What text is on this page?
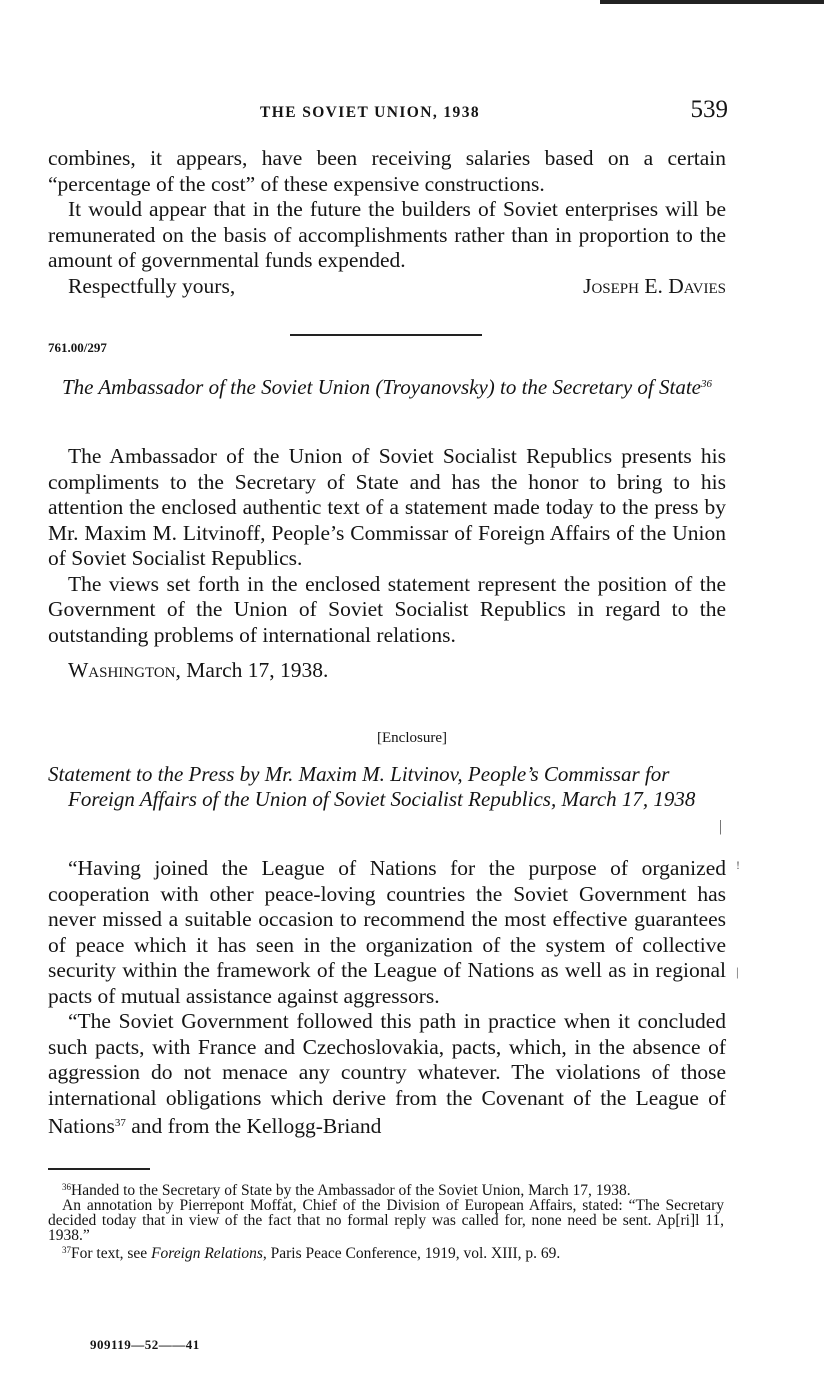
THE SOVIET UNION, 1938	539

combines, it appears, have been receiving salaries based on a certain “percentage of the cost” of these expensive constructions.

It would appear that in the future the builders of Soviet enterprises will be remunerated on the basis of accomplishments rather than in proportion to the amount of governmental funds expended.

Respectfully yours,	Joseph E. Davies
761.00/297
The Ambassador of the Soviet Union (Troyanovsky) to the Secretary of State$^{36}$

The Ambassador of the Union of Soviet Socialist Republics presents his compliments to the Secretary of State and has the honor to bring to his attention the enclosed authentic text of a statement made today to the press by Mr. Maxim M. Litvinoff, People’s Commissar of Foreign Affairs of the Union of Soviet Socialist Republics.

The views set forth in the enclosed statement represent the position of the Government of the Union of Soviet Socialist Republics in regard to the outstanding problems of international relations.

Washington, March 17, 1938.

[Enclosure]

Statement to the Press by Mr. Maxim M. Litvinov, People’s Commissar for Foreign Affairs of the Union of Soviet Socialist Republics, March 17, 1938

“Having joined the League of Nations for the purpose of organized cooperation with other peace-loving countries the Soviet Government has never missed a suitable occasion to recommend the most effective guarantees of peace which it has seen in the organization of the system of collective security within the framework of the League of Nations as well as in regional pacts of mutual assistance against aggressors.

“The Soviet Government followed this path in practice when it concluded such pacts, with France and Czechoslovakia, pacts, which, in the absence of aggression do not menace any country whatever. The violations of those international obligations which derive from the Covenant of the League of Nations$^{37}$ and from the Kellogg-Briand

$^{36}$Handed to the Secretary of State by the Ambassador of the Soviet Union, March 17, 1938.

An annotation by Pierrepont Moffat, Chief of the Division of European Affairs, stated: “The Secretary decided today that in view of the fact that no formal reply was called for, none need be sent. Ap[ri]l 11, 1938.”

$^{37}$For text, see Foreign Relations, Paris Peace Conference, 1919, vol. XIII, p. 69.

909119—52——41
|
!
|
